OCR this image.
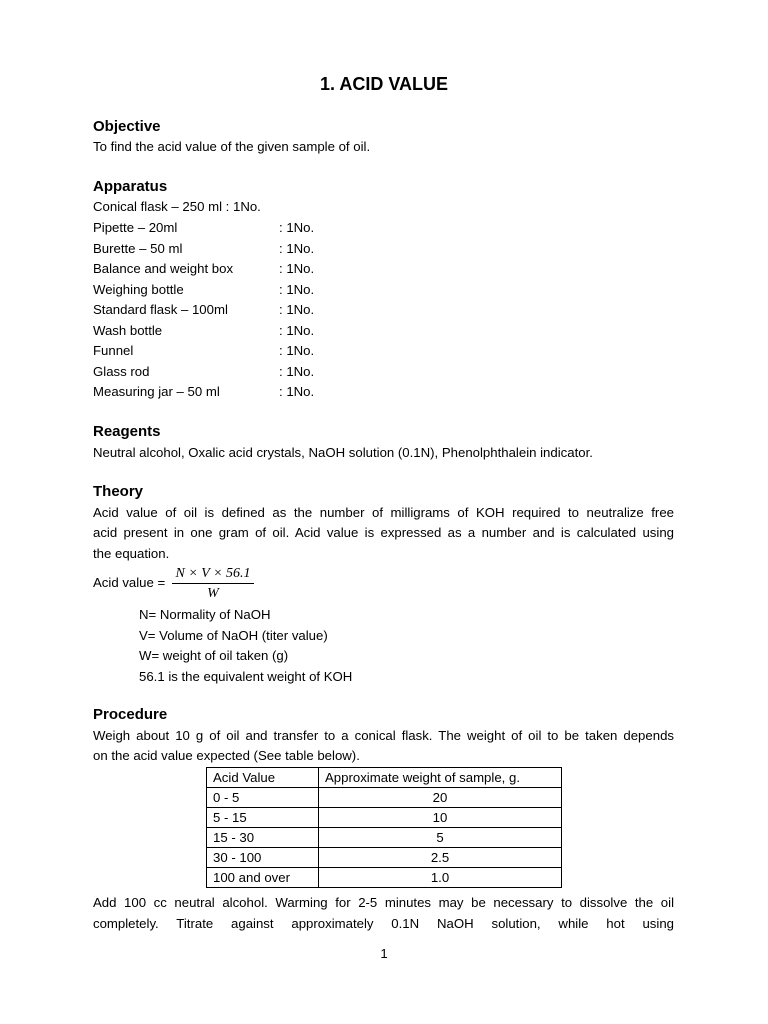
1. ACID VALUE
Objective
To find the acid value of the given sample of oil.
Apparatus
Conical flask – 250 ml : 1No.
Pipette – 20ml	: 1No.
Burette – 50 ml	: 1No.
Balance and weight box	: 1No.
Weighing bottle	: 1No.
Standard flask – 100ml	: 1No.
Wash bottle	: 1No.
Funnel	: 1No.
Glass rod	: 1No.
Measuring jar – 50 ml	: 1No.
Reagents
Neutral alcohol, Oxalic acid crystals, NaOH solution (0.1N), Phenolphthalein indicator.
Theory
Acid value of oil is defined as the number of milligrams of KOH required to neutralize free
acid present in one gram of oil. Acid value is expressed as a number and is calculated using
the equation.
Acid value =
N × V × 56.1
W
N= Normality of NaOH
V= Volume of NaOH (titer value)
W= weight of oil taken (g)
56.1 is the equivalent weight of KOH
Procedure
Weigh about 10 g of oil and transfer to a conical flask. The weight of oil to be taken depends
on the acid value expected (See table below).
Acid Value	Approximate weight of sample, g.
0 - 5	20
5 - 15	10
15 - 30	5
30 - 100	2.5
100 and over	1.0
Add 100 cc neutral alcohol. Warming for 2-5 minutes may be necessary to dissolve the oil
completely. Titrate against approximately 0.1N NaOH solution, while hot using
1
